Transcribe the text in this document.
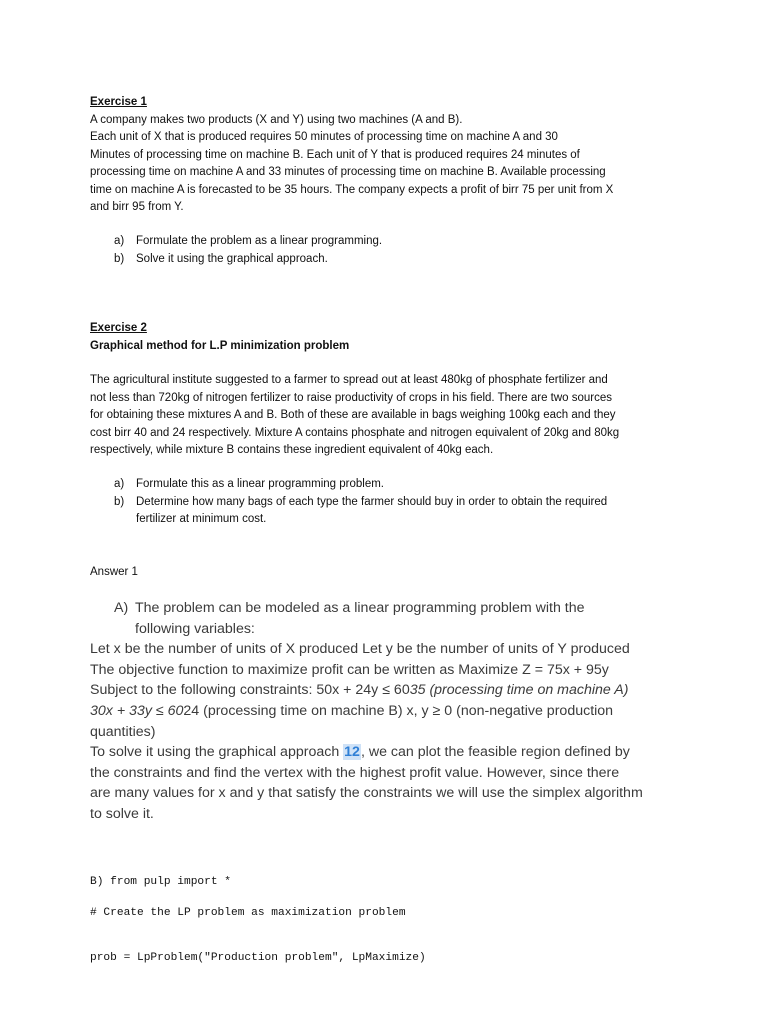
Exercise 1
A company makes two products (X and Y) using two machines (A and B).
Each unit of X that is produced requires 50 minutes of processing time on machine A and 30
Minutes of processing time on machine B. Each unit of Y that is produced requires 24 minutes of
processing time on machine A and 33 minutes of processing time on machine B. Available processing
time on machine A is forecasted to be 35 hours. The company expects a profit of birr 75 per unit from X
and birr 95 from Y.
a) Formulate the problem as a linear programming.
b) Solve it using the graphical approach.
Exercise 2
Graphical method for L.P minimization problem
The agricultural institute suggested to a farmer to spread out at least 480kg of phosphate fertilizer and
not less than 720kg of nitrogen fertilizer to raise productivity of crops in his field. There are two sources
for obtaining these mixtures A and B. Both of these are available in bags weighing 100kg each and they
cost birr 40 and 24 respectively. Mixture A contains phosphate and nitrogen equivalent of 20kg and 80kg
respectively, while mixture B contains these ingredient equivalent of 40kg each.
a) Formulate this as a linear programming problem.
b) Determine how many bags of each type the farmer should buy in order to obtain the required
fertilizer at minimum cost.
Answer 1
A) The problem can be modeled as a linear programming problem with the
following variables:
Let x be the number of units of X produced Let y be the number of units of Y produced
The objective function to maximize profit can be written as Maximize Z = 75x + 95y
Subject to the following constraints: 50x + 24y ≤ 6035 (processing time on machine A)
30x + 33y ≤ 6024 (processing time on machine B) x, y ≥ 0 (non-negative production
quantities)
To solve it using the graphical approach 12, we can plot the feasible region defined by
the constraints and find the vertex with the highest profit value. However, since there
are many values for x and y that satisfy the constraints we will use the simplex algorithm
to solve it.

B) from pulp import *

# Create the LP problem as maximization problem

prob = LpProblem("Production problem", LpMaximize)
